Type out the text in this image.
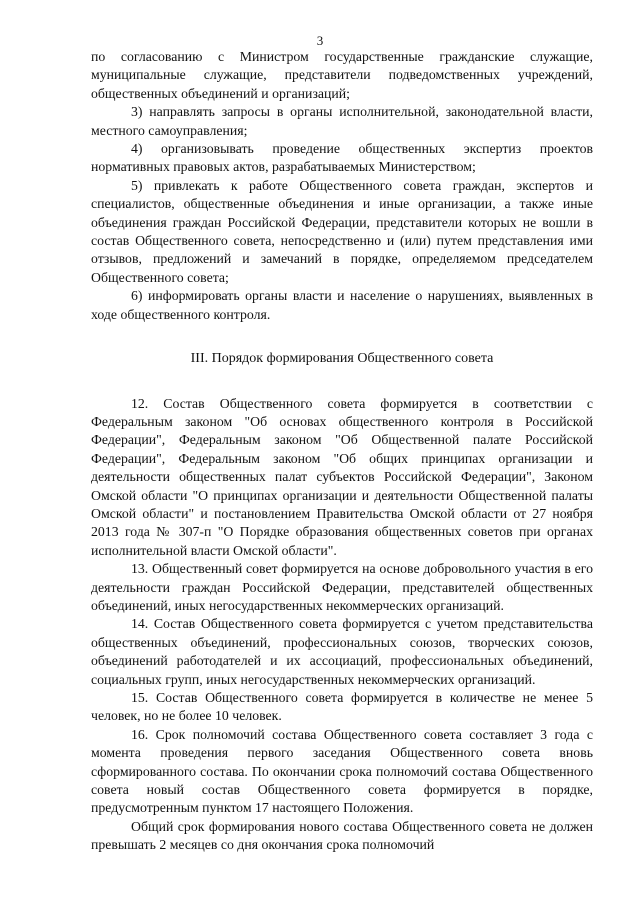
3

по согласованию с Министром государственные гражданские служащие, муниципальные служащие, представители подведомственных учреждений, общественных объединений и организаций;

3) направлять запросы в органы исполнительной, законодательной власти, местного самоуправления;

4) организовывать проведение общественных экспертиз проектов нормативных правовых актов, разрабатываемых Министерством;

5) привлекать к работе Общественного совета граждан, экспертов и специалистов, общественные объединения и иные организации, а также иные объединения граждан Российской Федерации, представители которых не вошли в состав Общественного совета, непосредственно и (или) путем представления ими отзывов, предложений и замечаний в порядке, определяемом председателем Общественного совета;

6) информировать органы власти и население о нарушениях, выявленных в ходе общественного контроля.

III. Порядок формирования Общественного совета

12. Состав Общественного совета формируется в соответствии с Федеральным законом "Об основах общественного контроля в Российской Федерации", Федеральным законом "Об Общественной палате Российской Федерации", Федеральным законом "Об общих принципах организации и деятельности общественных палат субъектов Российской Федерации", Законом Омской области "О принципах организации и деятельности Общественной палаты Омской области" и постановлением Правительства Омской области от 27 ноября 2013 года № 307-п "О Порядке образования общественных советов при органах исполнительной власти Омской области".

13. Общественный совет формируется на основе добровольного участия в его деятельности граждан Российской Федерации, представителей общественных объединений, иных негосударственных некоммерческих организаций.

14. Состав Общественного совета формируется с учетом представительства общественных объединений, профессиональных союзов, творческих союзов, объединений работодателей и их ассоциаций, профессиональных объединений, социальных групп, иных негосударственных некоммерческих организаций.

15. Состав Общественного совета формируется в количестве не менее 5 человек, но не более 10 человек.

16. Срок полномочий состава Общественного совета составляет 3 года с момента проведения первого заседания Общественного совета вновь сформированного состава. По окончании срока полномочий состава Общественного совета новый состав Общественного совета формируется в порядке, предусмотренным пунктом 17 настоящего Положения.

Общий срок формирования нового состава Общественного совета не должен превышать 2 месяцев со дня окончания срока полномочий
